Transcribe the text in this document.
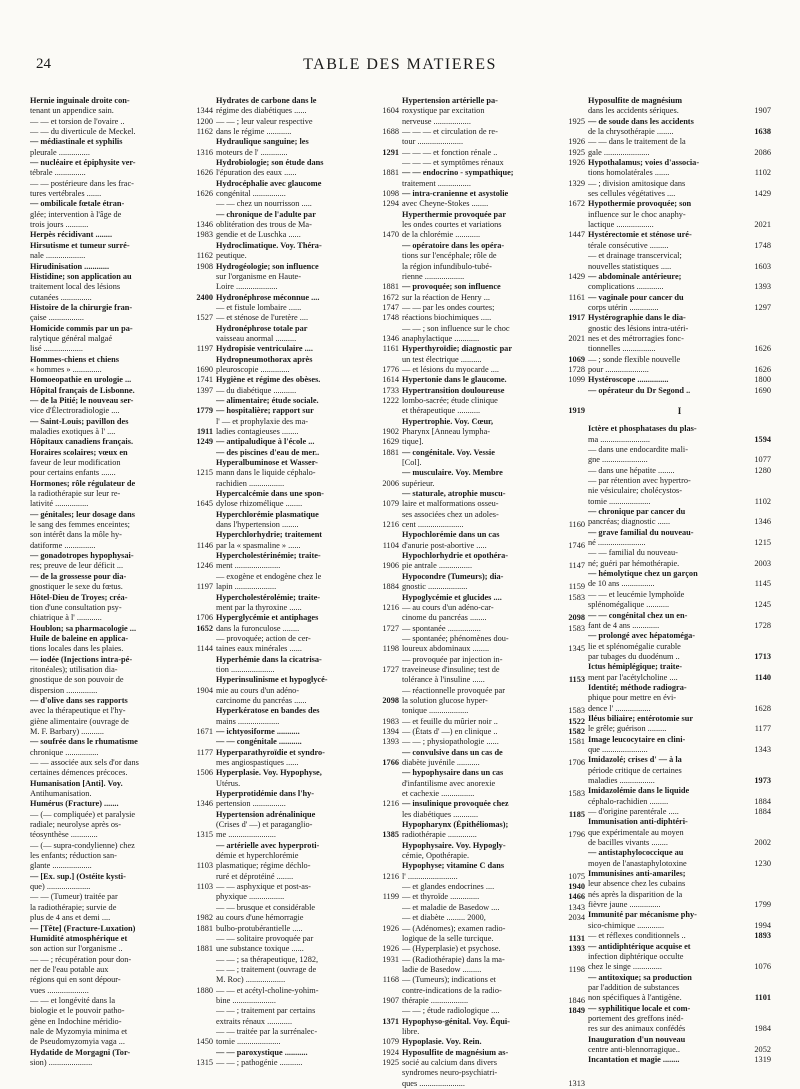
24	TABLE DES MATIERES
Hernie inguinale droite con-
tenant un appendice sain.	1344
— — et torsion de l'ovaire ..	1200
— — du diverticule de Meckel.	1162
— médiastinale et syphilis
pleurale ...............	1316
— nucléaire et épiphysite ver-
tébrale ...............	1626
— — postérieure dans les frac-
tures vertébrales .......	1626
— ombilicale fœtale étran-
glée; intervention à l'âge de
trois jours ...........	1346
Herpès récidivant ........	1983
Hirsutisme et tumeur surré-
nale ...................	1162
Hirudinisation ............	1908
Histidine; son application au
traitement local des lésions
cutanées ...............	2400
Histoire de la chirurgie fran-
çaise .................	1527
Homicide commis par un pa-
ralytique général malgaé
lisé ...................	1197
Hommes-chiens et chiens
« hommes » ..............	1690
Homoeopathie en urologie ...	1741
Hôpital français de Lisbonne.	1397
— de la Pitié; le nouveau ser-
vice d'Électroradiologie ....	1779
— Saint-Louis; pavillon des
maladies exotiques à l' ....	1911
Hôpitaux canadiens français.	1249
Horaires scolaires; vœux en
faveur de leur modification
pour certains enfants .......	1215
Hormones; rôle régulateur de
la radiothérapie sur leur re-
lativité ................	1645
— génitales; leur dosage dans
le sang des femmes enceintes;
son intérêt dans la môle hy-
datiforme ...............	1146
— gonadotropes hypophysai-
res; preuve de leur déficit ...	1246
— de la grossesse pour dia-
gnostiquer le sexe du fœtus.	1197
Hôtel-Dieu de Troyes; créa-
tion d'une consultation psy-
chiatrique à l' ............	1706
Houblon; sa pharmacologie ...	1652
Huile de baleine en applica-
tions locales dans les plaies.	1144
— iodée (Injections intra-pé-
ritonéales); utilisation dia-
gnostique de son pouvoir de
dispersion ...............	1904
— d'olive dans ses rapports
avec la thérapeutique et l'hy-
giène alimentaire (ouvrage de
M. F. Barbary) ...........	1671
— soufrée dans le rhumatisme
chronique ................	1177
— — associée aux sels d'or dans
certaines démences précoces.	1506
Humanisation [Anti]. Voy.
Antihumanisation.
Humérus (Fracture) .......	1346
— (— compliquée) et paralysie
radiale; neurolyse après os-
téosynthèse .............	1315
— (— supra-condylienne) chez
les enfants; réduction san-
glante ...................	1103
— [Ex. sup.] (Ostéite kysti-
que) .....................	1103
— — (Tumeur) traitée par
la radiothérapie; survie de
plus de 4 ans et demi ....	1982
— [Tête] (Fracture-Luxation)	1881
Humidité atmosphérique et
son action sur l'organisme ..	1881
— — ; récupération pour don-
ner de l'eau potable aux
régions qui en sont dépour-
vues ....................	1880
— — et longévité dans la
biologie et le pouvoir patho-
gène en Indochine méridio-
nale de Myzomyia minima et
de Pseudomyzomyia vaga ...	1450
Hydatide de Morgagni (Tor-
sion) .....................	1315
Hydrates de carbone dans le
régime des diabétiques ......	1604
— — ; leur valeur respective
dans le régime ............	1688
Hydraulique sanguine; les
moteurs de l' .............	1291
Hydrobiologie; son étude dans
l'épuration des eaux ......	1881
Hydrocéphalie avec glaucome
congénital ................	1098
— — chez un nourrisson .....	1294
— chronique de l'adulte par
oblitération des trous de Ma-
gendie et de Luschka ......	1470
Hydroclimatique. Voy. Théra-
peutique.
Hydrogéologie; son influence
sur l'organisme en Haute-
Loire ....................	1881
Hydronéphrose méconnue ....	1672
— et fistule lombaire ......	1747
— et sténose de l'uretère ....	1748
Hydronéphrose totale par
vaisseau anormal ..........	1346
Hydropisie ventriculaire ....	1161
Hydropneumothorax après
pleuroscopie ..............	1776
Hygiène et régime des obèses.	1614
— du diabétique ...........	1733
— alimentaire; étude sociale.	1222
— hospitalière; rapport sur
l' — et prophylaxie des ma-
ladies contagieuses ........	1902
— antipaludique à l'école ...	1629
— des piscines d'eau de mer..	1881
Hyperalbuminose et Wasser-
mann dans le liquide céphalo-
rachidien .................	2006
Hypercalcémie dans une spon-
dylose rhizomélique ........	1079
Hyperchlorémie plasmatique
dans l'hypertension ........	1216
Hyperchlorhydrie; traitement
par la « spasmaline » ......	1104
Hypercholestérinémie; traite-
ment ......................	1906
— exogène et endogène chez le
lapin ....................	1884
Hypercholestérolémie; traite-
ment par la thyroxine ......	1216
Hyperglycémie et antiphages
dans la furonculose ........	1727
— provoquée; action de cer-
taines eaux minérales ......	1198
Hyperhémie dans la cicatrisa-
tion .....................	1727
Hyperinsulinisme et hypoglycé-
mie au cours d'un adéno-
carcinome du pancréas ......	2098
Hyperkératose en bandes des
mains ....................	1983
— ichtyosiforme ...........	1394
— — congénitale ...........	1393
Hyperparathyroïdie et syndro-
mes angiospastiques ......	1766
Hyperplasie. Voy. Hypophyse,
Utérus.
Hyperprotidémie dans l'hy-
pertension ................	1216
Hypertension adrénalinique
(Crises d' —) et paraganglio-
me .......................	1385
— artérielle avec hyperproti-
démie et hyperchlorémie
plasmatique; régime déchlo-
ruré et déprotéiné ........	1216
— — asphyxique et post-as-
phyxique .................	1199
— — brusque et considérable
au cours d'une hémorragie
bulbo-protubérantielle .....	1926
— — solitaire provoquée par
une substance toxique ......	1926
— — ; sa thérapeutique, 1282,	1931
— — ; traitement (ouvrage de
M. Roc) ...................	1168
— — et acétyl-choline-yohim-
bine .....................	1907
— — ; traitement par certains
extraits rénaux ............	1371
— — traitée par la surrénalec-
tomie .....................	1079
— — paroxystique ...........	1924
— — ; pathogénie ...........	1925
Hypertension artérielle pa-
roxystique par excitation
nerveuse ..................	1925
— — — et circulation de re-
tour ......................	1926
— — — et fonction rénale ..	1925
— — — et symptômes rénaux	1926
— — endocrino - sympathique;
traitement ................	1329
— intra-cranienne et asystolie
avec Cheyne-Stokes ........	1672
Hyperthermie provoquée par
les ondes courtes et variations
de la chlorémie ............	1447
— opératoire dans les opéra-
tions sur l'encéphale; rôle de
la région infundibulo-tubé-
rienne ...................	1429
— provoquée; son influence
sur la réaction de Henry ...	1161
— — par les ondes courtes;
réactions biochimiques .....	1917
— — ; son influence sur le choc
anaphylactique ............	2021
Hyperthyroïdie; diagnostic par
un test électrique ..........	1069
— et lésions du myocarde ....	1728
Hypertonie dans le glaucome.	1099
Hypertransition douloureuse
lombo-sacrée; étude clinique
et thérapeutique ...........	1919
Hypertrophie. Voy. Cœur,
Pharynx [Anneau lympha-
tique].
— congénitale. Voy. Vessie
[Col].
— musculaire. Voy. Membre
supérieur.
— staturale, atrophie muscu-
laire et malformations osseu-
ses associées chez un adoles-
cent ......................	1160
Hypochlorémie dans un cas
d'anurie post-abortive .....	1746
Hypochlorhydrie et opothéra-
pie antrale ................	1147
Hypocondre (Tumeurs); dia-
gnostic ...................	1159
Hypoglycémie et glucides ....	1583
— au cours d'un adéno-car-
cinome du pancréas ........	2098
— spontanée ................	1583
— spontanée; phénomènes dou-
loureux abdominaux ........	1345
— provoquée par injection in-
traveineuse d'insuline; test de
tolérance à l'insuline ......	1153
— réactionnelle provoquée par
la solution glucose hyper-
tonique ...................	1583
— et feuille du mûrier noir ..	1522
— (États d' —) en clinique ..	1582
— — ; physiopathologie ......	1581
— convulsive dans un cas de
diabète juvénile ...........	1706
— hypophysaire dans un cas
d'infantilisme avec anorexie
et cachexie ................	1583
— insulinique provoquée chez
les diabétiques ............	1185
Hypopharynx (Épithéliomas);
radiothérapie ..............	1796
Hypophysaire. Voy. Hypogly-
cémie, Opothérapie.
Hypophyse; vitamine C dans
l' ........................	1075
— et glandes endocrines ....	1940
— et thyroïde ..............	1466
— et maladie de Basedow ....	1343
— et diabète ......... 2000,	2034
— (Adénomes); examen radio-
logique de la selle turcique.	1131
— (Hyperplasie) et psychose.	1393
— (Radiothérapie) dans la ma-
ladie de Basedow .........	1198
— (Tumeurs); indications et
contre-indications de la radio-
thérapie ..................	1846
— — ; étude radiologique ....	1849
Hypophyso-génital. Voy. Équi-
libre.
Hypoplasie. Voy. Rein.
Hyposulfite de magnésium as-
socié au calcium dans divers
syndromes neuro-psychiatri-
ques ......................	1313
Hyposulfite de magnésium
dans les accidents sériques.	1907
— de soude dans les accidents
de la chrysothérapie ........	1638
— — dans le traitement de la
gale ......................	2086
Hypothalamus; voies d'associa-
tions homolatérales .......	1102
— ; division amitosique dans
ses cellules végétatives ....	1429
Hypothermie provoquée; son
influence sur le choc anaphy-
lactique ..................	2021
Hystérectomie et sténose uré-
térale consécutive .........	1748
— et drainage transcervical;
nouvelles statistiques .....	1603
— abdominale antérieure;
complications .............	1393
— vaginale pour cancer du
corps utérin ..............	1297
Hystérographie dans le dia-
gnostic des lésions intra-utéri-
nes et des métrorragies fonc-
tionnelles ................	1626
— ; sonde flexible nouvelle
pour .....................	1626
Hystéroscope ...............	1800
— opérateur du Dr Segond ..	1690
I
Ictère et phosphatases du plas-
ma ........................	1594
— dans une endocardite mali-
gne ......................	1077
— dans une hépatite ........	1280
— par rétention avec hypertro-
nie vésiculaire; cholécystos-
tomie ....................	1102
— chronique par cancer du
pancréas; diagnostic ......	1346
— grave familial du nouveau-
né .......................	1215
— — familial du nouveau-
né; guéri par hémothérapie.	2003
— hémolytique chez un garçon
de 10 ans ................	1145
— — et leucémie lymphoïde
splénomégalique ...........	1245
— — congénital chez un en-
fant de 4 ans .............	1728
— prolongé avec hépatoméga-
lie et splénomégalie curable
par tubages du duodénum ..	1713
Ictus hémiplégique; traite-
ment par l'acétylcholine ....	1140
Identité; méthode radiogra-
phique pour mettre en évi-
dence l' .................	1628
Iléus biliaire; entérotomie sur
le grêle; guérison .........	1177
Image leucocytaire en clini-
que ......................	1343
Imidazolé; crises d' — à la
période critique de certaines
maladies .................	1973
Imidazolémie dans le liquide
céphalo-rachidien .........	1884
— d'origine parentérale .....	1884
Immunisation anti-diphtéri-
que expérimentale au moyen
de bacilles vivants ........	2002
— antistaphylococcique au
moyen de l'anastaphylotoxine	1230
Immunisines anti-amariles;
leur absence chez les cubains
nés après la disparition de la
fièvre jaune ...............	1799
Immunité par mécanisme phy-
sico-chimique .............	1994
— et réflexes conditionnels ..	1893
— antidiphtérique acquise et
infection diphtérique occulte
chez le singe ..............	1076
— antitoxique; sa production
par l'addition de substances
non spécifiques à l'antigène.	1101
— syphilitique locale et com-
portement des greffons inéd-
res sur des animaux confédés	1984
Inauguration d'un nouveau
centre anti-blennorragique..	2052
Incantation et magie ........	1319
